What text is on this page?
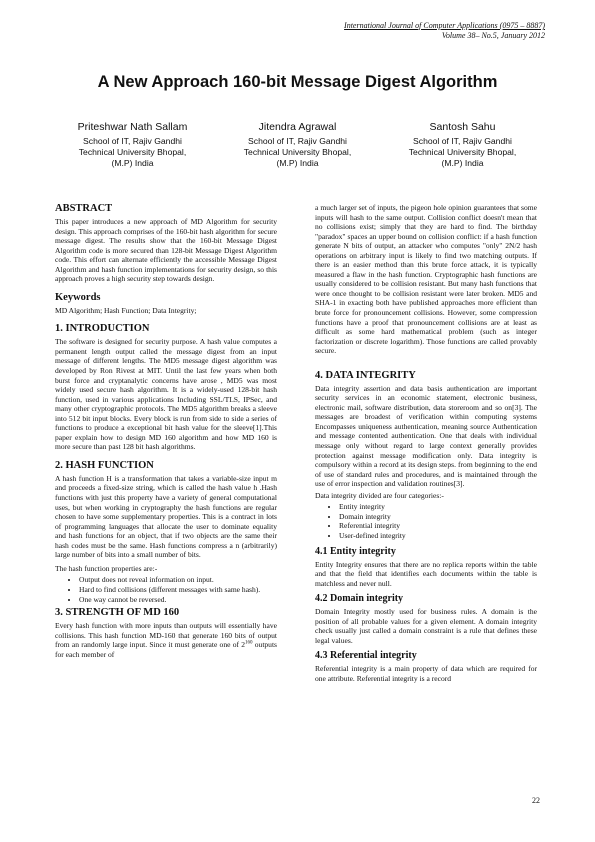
International Journal of Computer Applications (0975 – 8887)
Volume 38– No.5, January 2012
A New Approach 160-bit Message Digest Algorithm
Priteshwar Nath Sallam
School of IT, Rajiv Gandhi
Technical University Bhopal,
(M.P) India
Jitendra Agrawal
School of IT, Rajiv Gandhi
Technical University Bhopal,
(M.P) India
Santosh Sahu
School of IT, Rajiv Gandhi
Technical University Bhopal,
(M.P) India
ABSTRACT

This paper introduces a new approach of MD Algorithm for security design. This approach comprises of the 160-bit hash algorithm for secure message digest. The results show that the 160-bit Message Digest Algorithm code is more secured than 128-bit Message Digest Algorithm code. This effort can alternate efficiently the accessible Message Digest Algorithm and hash function implementations for security design, so this approach proves a high security step towards design.

Keywords

MD Algorithm; Hash Function; Data Integrity;

1. INTRODUCTION

The software is designed for security purpose. A hash value computes a permanent length output called the message digest from an input message of different lengths. The MD5 message digest algorithm was developed by Ron Rivest at MIT. Until the last few years when both burst force and cryptanalytic concerns have arose , MD5 was most widely used secure hash algorithm. It is a widely-used 128-bit hash function, used in various applications Including SSL/TLS, IPSec, and many other cryptographic protocols. The MD5 algorithm breaks a sleeve into 512 bit input blocks. Every block is run from side to side a series of functions to produce a exceptional bit hash value for the sleeve[1].This paper explain how to design MD 160 algorithm and how MD 160 is more secure than past 128 bit hash algorithms.

2. HASH FUNCTION

A hash function H is a transformation that takes a variable-size input m and proceeds a fixed-size string, which is called the hash value h .Hash functions with just this property have a variety of general computational uses, but when working in cryptography the hash functions are regular chosen to have some supplementary properties. This is a contract in lots of programming languages that allocate the user to dominate equality and hash functions for an object, that if two objects are the same their hash codes must be the same. Hash functions compress a n (arbitrarily) large number of bits into a small number of bits.

The hash function properties are:-

• Output does not reveal information on input.
• Hard to find collisions (different messages with same hash).
• One way cannot be reversed.
3. STRENGTH OF MD 160

Every hash function with more inputs than outputs will essentially have collisions. This hash function MD-160 that generate 160 bits of output from an randomly large input. Since it must generate one of $2^{160}$ outputs for each member of

a much larger set of inputs, the pigeon hole opinion guarantees that some inputs will hash to the same output. Collision conflict doesn't mean that no collisions exist; simply that they are hard to find. The birthday "paradox" spaces an upper bound on collision conflict: if a hash function generate N bits of output, an attacker who computes "only" 2N/2 hash operations on arbitrary input is likely to find two matching outputs. If there is an easier method than this brute force attack, it is typically measured a flaw in the hash function. Cryptographic hash functions are usually considered to be collision resistant. But many hash functions that were once thought to be collision resistant were later broken. MD5 and SHA-1 in exacting both have published approaches more efficient than brute force for pronouncement collisions. However, some compression functions have a proof that pronouncement collisions are at least as difficult as some hard mathematical problem (such as integer factorization or discrete logarithm). Those functions are called provably secure.

4. DATA INTEGRITY

Data integrity assertion and data basis authentication are important security services in an economic statement, electronic business, electronic mail, software distribution, data storeroom and so on[3]. The messages are broadest of verification within computing systems Encompasses uniqueness authentication, meaning source Authentication and message contented authentication. One that deals with individual message only without regard to large context generally provides protection against message modification only. Data integrity is compulsory within a record at its design steps. from beginning to the end of use of standard rules and procedures, and is maintained through the use of error inspection and validation routines[3].

Data integrity divided are four categories:-

• Entity integrity
• Domain integrity
• Referential integrity
• User-defined integrity
4.1 Entity integrity

Entity Integrity ensures that there are no replica reports within the table and that the field that identifies each documents within the table is matchless and never null.

4.2 Domain integrity

Domain Integrity mostly used for business rules. A domain is the position of all probable values for a given element. A domain integrity check usually just called a domain constraint is a rule that defines these legal values.

4.3 Referential integrity

Referential integrity is a main property of data which are required for one attribute. Referential integrity is a record

22
